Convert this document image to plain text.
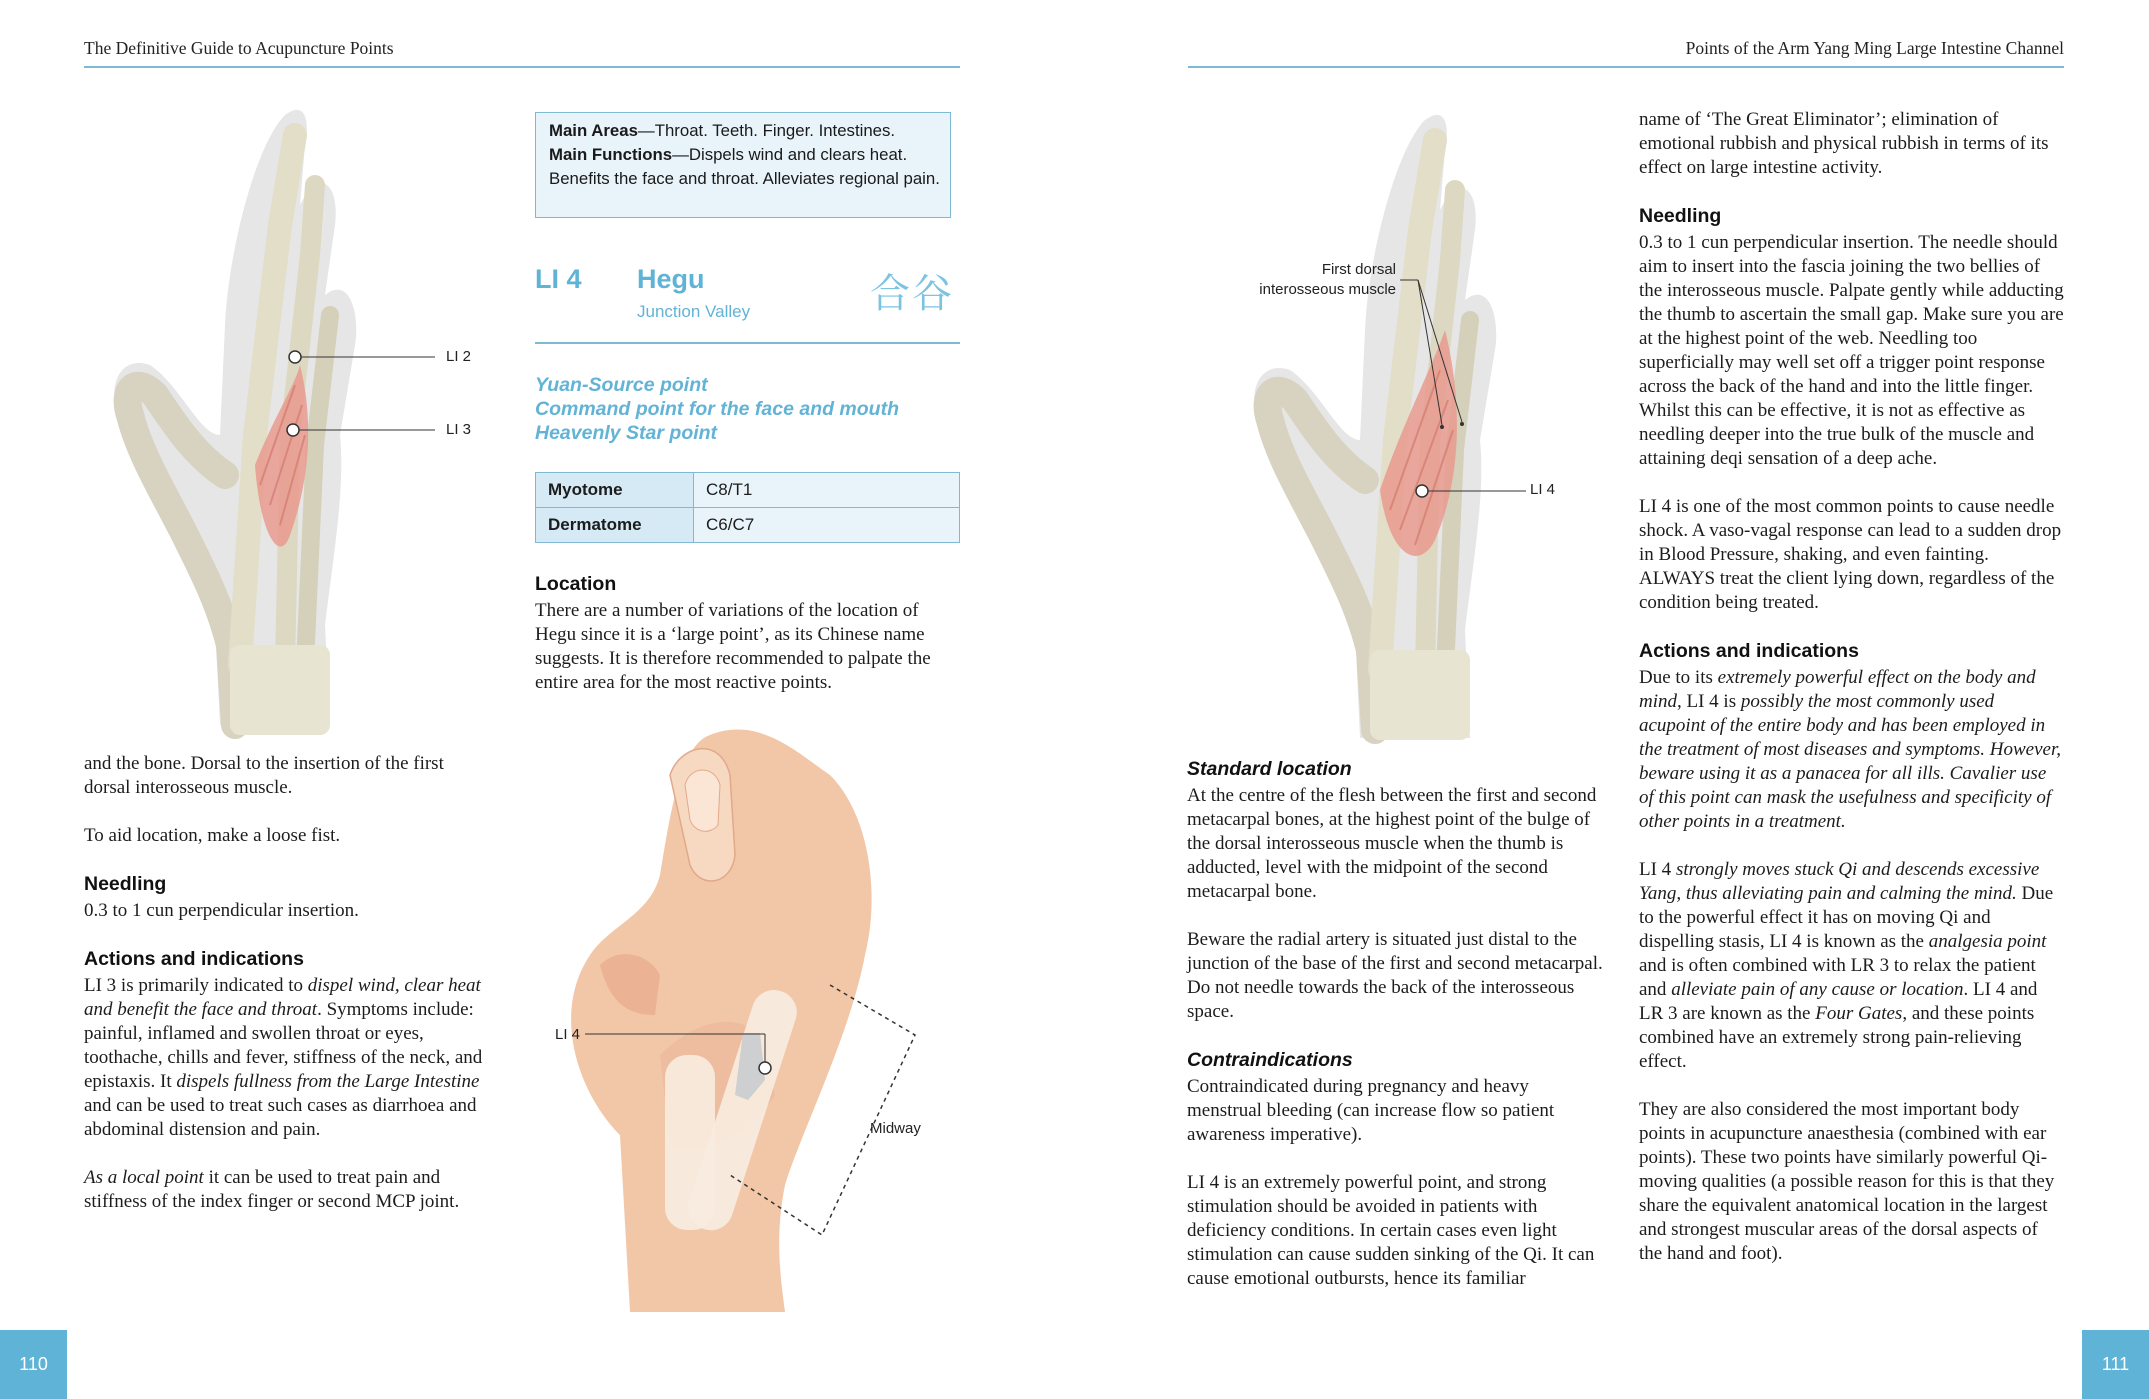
The Definitive Guide to Acupuncture Points	Points of the Arm Yang Ming Large Intestine Channel
LI 2
LI 3

and the bone. Dorsal to the insertion of the first dorsal interosseous muscle.

To aid location, make a loose fist.

Needling

0.3 to 1 cun perpendicular insertion.

Actions and indications

LI 3 is primarily indicated to dispel wind, clear heat and benefit the face and throat. Symptoms include: painful, inflamed and swollen throat or eyes, toothache, chills and fever, stiffness of the neck, and epistaxis. It dispels fullness from the Large Intestine and can be used to treat such cases as diarrhoea and abdominal distension and pain.

As a local point it can be used to treat pain and stiffness of the index finger or second MCP joint.

Main Areas—Throat. Teeth. Finger. Intestines.
Main Functions—Dispels wind and clears heat. Benefits the face and throat. Alleviates regional pain.
LI 4 Hegu
Junction Valley	合谷
Yuan-Source point
Command point for the face and mouth
Heavenly Star point
Myotome	C8/T1
Dermatome	C6/C7
Location

There are a number of variations of the location of Hegu since it is a ‘large point’, as its Chinese name suggests. It is therefore recommended to palpate the entire area for the most reactive points.

LI 4
Midway
110	111
First dorsal
interosseous muscle
LI 4
Standard location

At the centre of the flesh between the first and second metacarpal bones, at the highest point of the bulge of the dorsal interosseous muscle when the thumb is adducted, level with the midpoint of the second metacarpal bone.

Beware the radial artery is situated just distal to the junction of the base of the first and second metacarpal. Do not needle towards the back of the interosseous space.

Contraindications

Contraindicated during pregnancy and heavy menstrual bleeding (can increase flow so patient awareness imperative).

LI 4 is an extremely powerful point, and strong stimulation should be avoided in patients with deficiency conditions. In certain cases even light stimulation can cause sudden sinking of the Qi. It can cause emotional outbursts, hence its familiar

name of ‘The Great Eliminator’; elimination of emotional rubbish and physical rubbish in terms of its effect on large intestine activity.

Needling

0.3 to 1 cun perpendicular insertion. The needle should aim to insert into the fascia joining the two bellies of the interosseous muscle. Palpate gently while adducting the thumb to ascertain the small gap. Make sure you are at the highest point of the web. Needling too superficially may well set off a trigger point response across the back of the hand and into the little finger. Whilst this can be effective, it is not as effective as needling deeper into the true bulk of the muscle and attaining deqi sensation of a deep ache.

LI 4 is one of the most common points to cause needle shock. A vaso-vagal response can lead to a sudden drop in Blood Pressure, shaking, and even fainting. ALWAYS treat the client lying down, regardless of the condition being treated.

Actions and indications

Due to its extremely powerful effect on the body and mind, LI 4 is possibly the most commonly used acupoint of the entire body and has been employed in the treatment of most diseases and symptoms. However, beware using it as a panacea for all ills. Cavalier use of this point can mask the usefulness and specificity of other points in a treatment.

LI 4 strongly moves stuck Qi and descends excessive Yang, thus alleviating pain and calming the mind. Due to the powerful effect it has on moving Qi and dispelling stasis, LI 4 is known as the analgesia point and is often combined with LR 3 to relax the patient and alleviate pain of any cause or location. LI 4 and LR 3 are known as the Four Gates, and these points combined have an extremely strong pain-relieving effect.

They are also considered the most important body points in acupuncture anaesthesia (combined with ear points). These two points have similarly powerful Qi-moving qualities (a possible reason for this is that they share the equivalent anatomical location in the largest and strongest muscular areas of the dorsal aspects of the hand and foot).
